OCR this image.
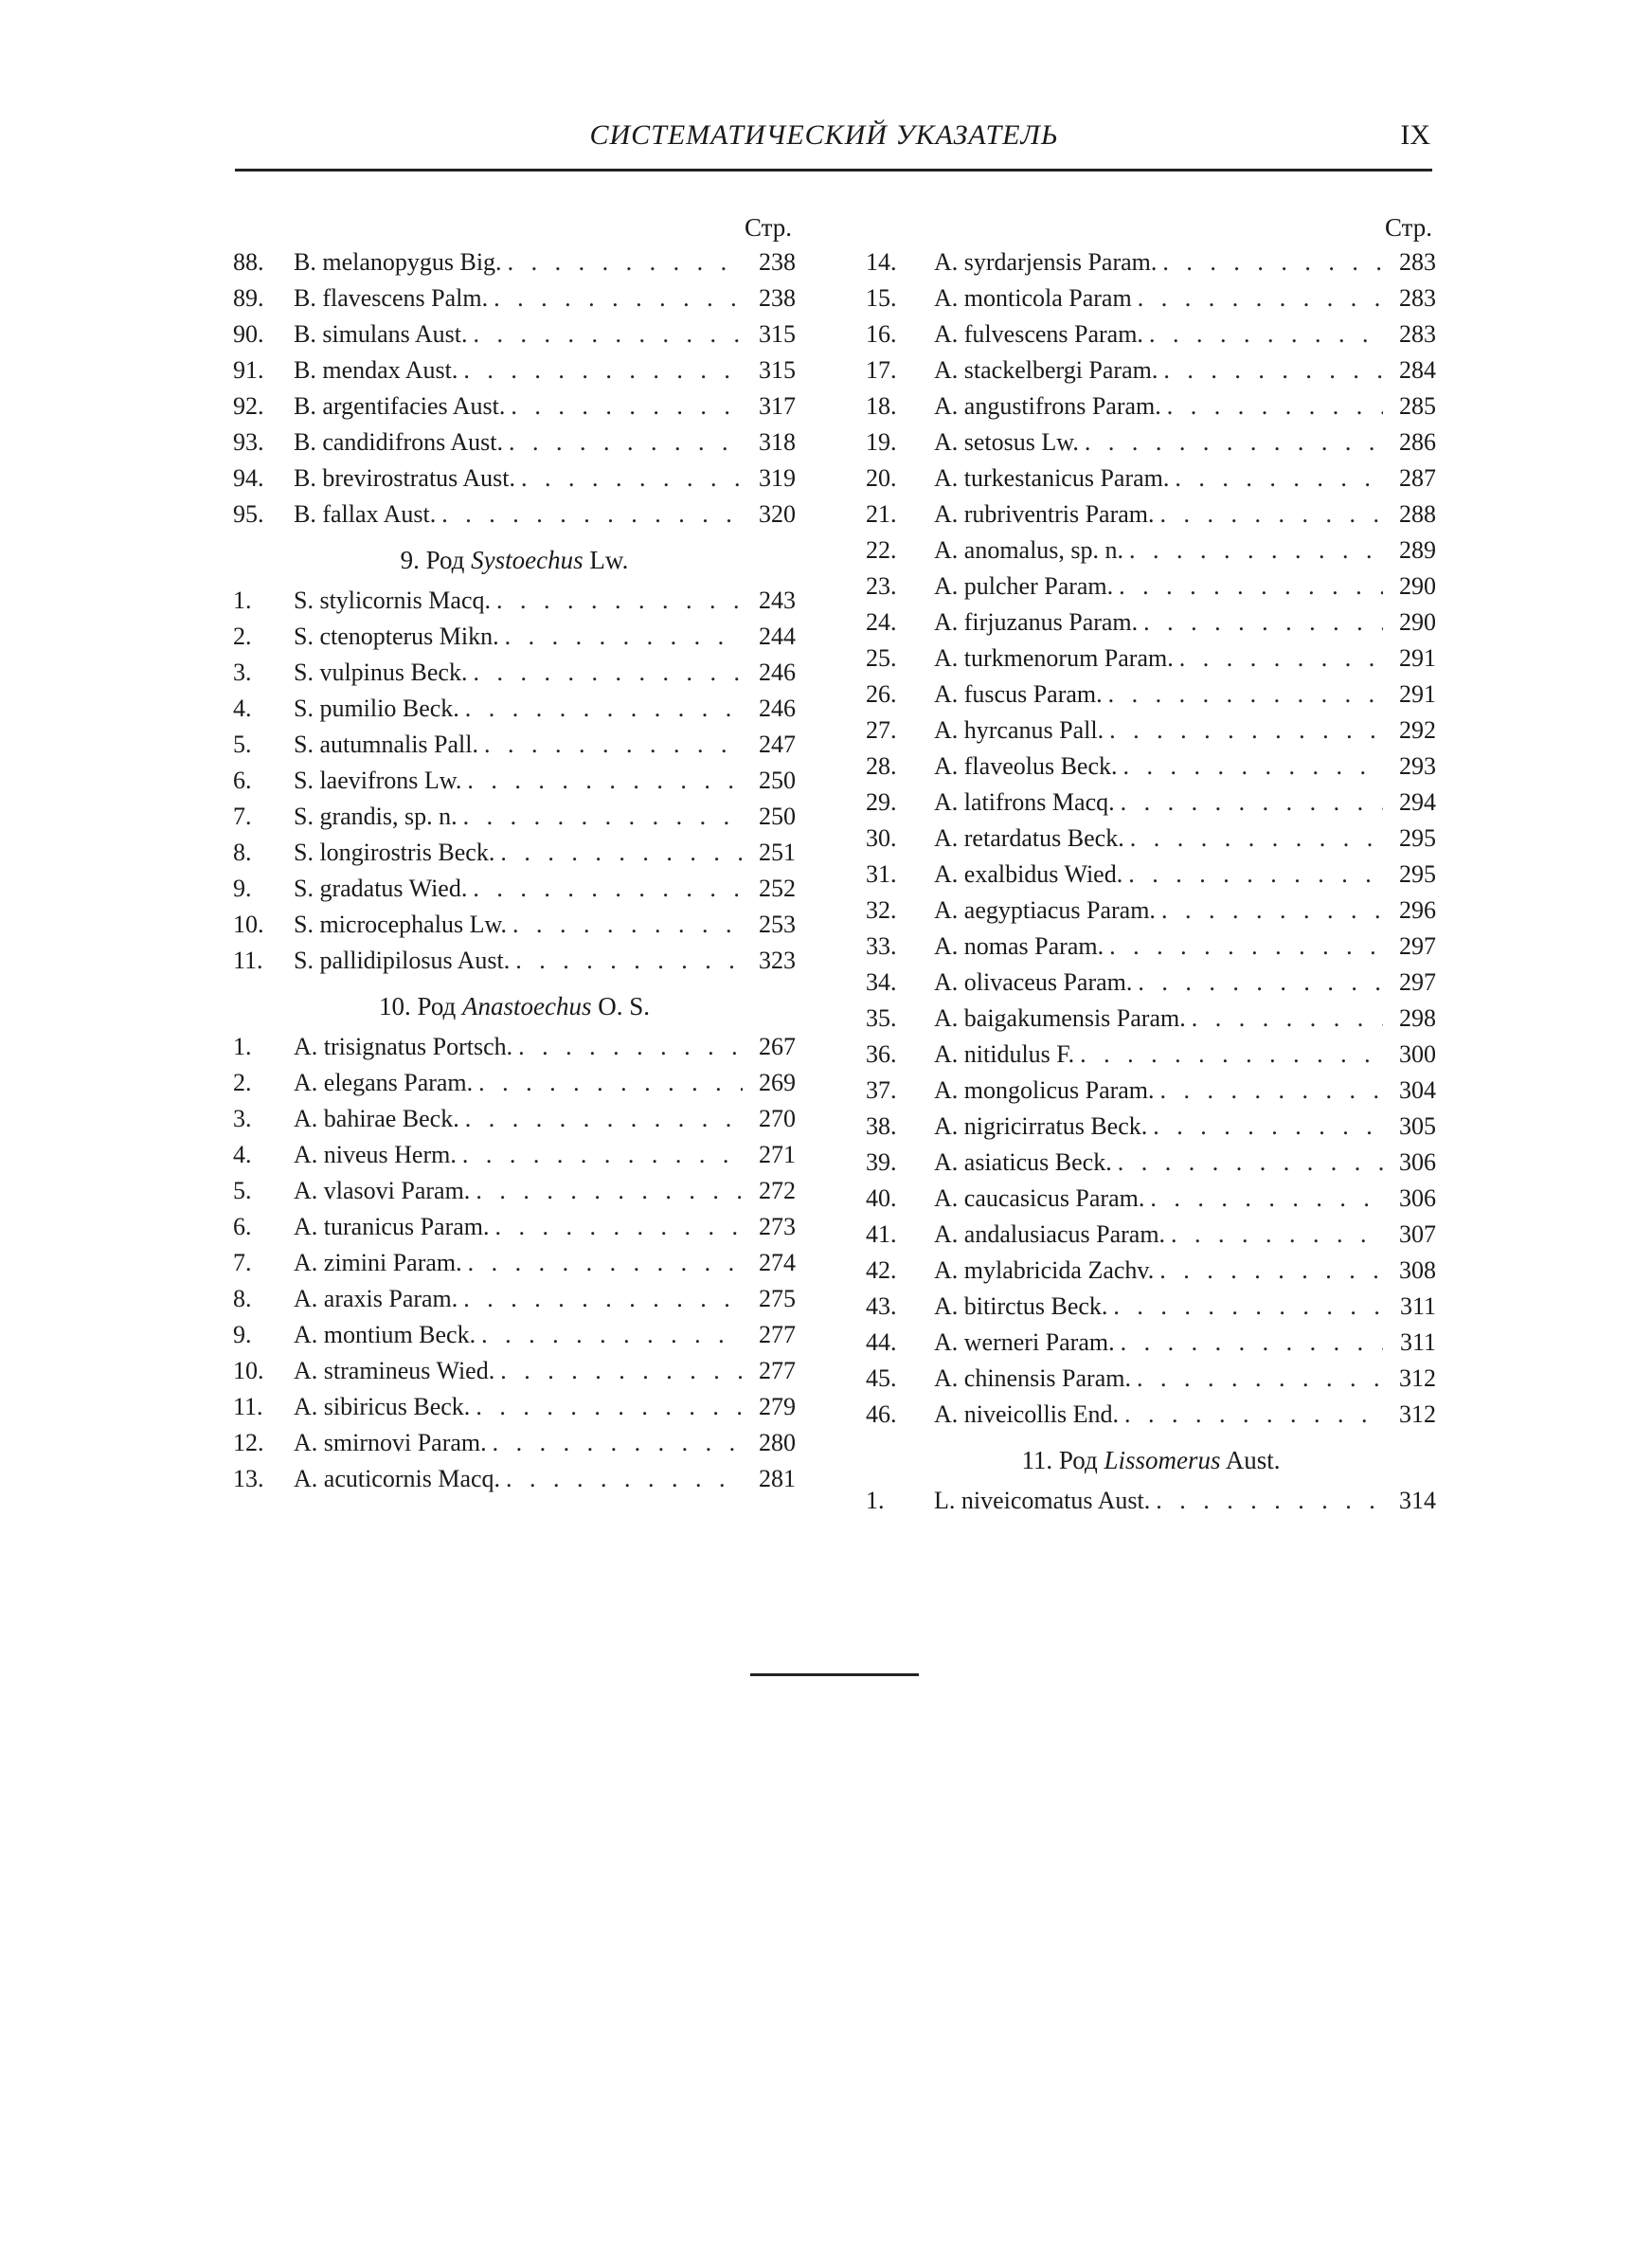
СИСТЕМАТИЧЕСКИЙ УКАЗАТЕЛЬ	IX
Стр.
88.	B. melanopygus Big. . . .	238
89.	B. flavescens Palm. . . .	238
90.	B. simulans Aust. . . .	315
91.	B. mendax Aust. . . .	315
92.	B. argentifacies Aust. . . .	317
93.	B. candidifrons Aust. . . .	318
94.	B. brevirostratus Aust. . . .	319
95.	B. fallax Aust. . . .	320
9. Род Systoechus Lw.
1.	S. stylicornis Macq. . . .	243
2.	S. ctenopterus Mikn. . . .	244
3.	S. vulpinus Beck. . . .	246
4.	S. pumilio Beck. . . .	246
5.	S. autumnalis Pall. . . .	247
6.	S. laevifrons Lw. . . .	250
7.	S. grandis, sp. n. . . .	250
8.	S. longirostris Beck. . . .	251
9.	S. gradatus Wied. . . .	252
10.	S. microcephalus Lw. . . .	253
11.	S. pallidipilosus Aust. . . .	323
10. Род Anastoechus O. S.
1.	A. trisignatus Portsch. . . .	267
2.	A. elegans Param. . . .	269
3.	A. bahirae Beck. . . .	270
4.	A. niveus Herm. . . .	271
5.	A. vlasovi Param. . . .	272
6.	A. turanicus Param. . . .	273
7.	A. zimini Param. . . .	274
8.	A. araxis Param. . . .	275
9.	A. montium Beck. . . .	277
10.	A. stramineus Wied. . . .	277
11.	A. sibiricus Beck. . . .	279
12.	A. smirnovi Param. . . .	280
13.	A. acuticornis Macq. . . .	281
Стр.
14.	A. syrdarjensis Param. . . .	283
15.	A. monticola Param . . .	283
16.	A. fulvescens Param. . . .	283
17.	A. stackelbergi Param. . . .	284
18.	A. angustifrons Param. . . .	285
19.	A. setosus Lw. . . .	286
20.	A. turkestanicus Param. . . .	287
21.	A. rubriventris Param. . . .	288
22.	A. anomalus, sp. n. . . .	289
23.	A. pulcher Param. . . .	290
24.	A. firjuzanus Param. . . .	290
25.	A. turkmenorum Param. . . .	291
26.	A. fuscus Param. . . .	291
27.	A. hyrcanus Pall. . . .	292
28.	A. flaveolus Beck. . . .	293
29.	A. latifrons Macq. . . .	294
30.	A. retardatus Beck. . . .	295
31.	A. exalbidus Wied. . . .	295
32.	A. aegyptiacus Param. . . .	296
33.	A. nomas Param. . . .	297
34.	A. olivaceus Param. . . .	297
35.	A. baigakumensis Param. . . .	298
36.	A. nitidulus F. . . .	300
37.	A. mongolicus Param. . . .	304
38.	A. nigricirratus Beck. . . .	305
39.	A. asiaticus Beck. . . .	306
40.	A. caucasicus Param. . . .	306
41.	A. andalusiacus Param. . . .	307
42.	A. mylabricida Zachv. . . .	308
43.	A. bitirctus Beck. . . .	311
44.	A. werneri Param. . . .	311
45.	A. chinensis Param. . . .	312
46.	A. niveicollis End. . . .	312
11. Род Lissomerus Aust.
1.	L. niveicomatus Aust. . . .	314
